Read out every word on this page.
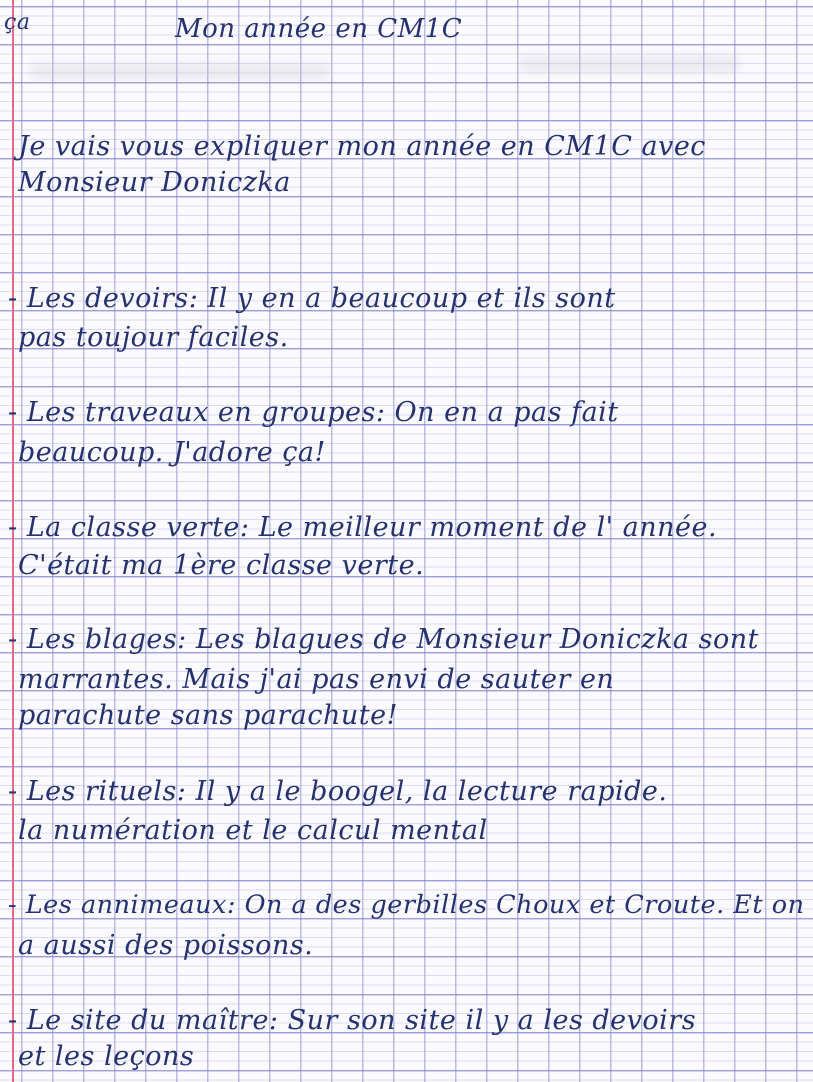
ça	Mon année en CM1C
Je vais vous expliquer mon année en CM1C avec
Monsieur Doniczka
- Les devoirs: Il y en a beaucoup et ils sont
pas toujour faciles.
- Les traveaux en groupes: On en a pas fait
beaucoup. J'adore ça!
- La classe verte: Le meilleur moment de l' année.
C'était ma 1ère classe verte.
- Les blages: Les blagues de Monsieur Doniczka sont
marrantes. Mais j'ai pas envi de sauter en
parachute sans parachute!
- Les rituels: Il y a le boogel, la lecture rapide.
la numération et le calcul mental
- Les annimeaux: On a des gerbilles Choux et Croute. Et on
a aussi des poissons.
- Le site du maître: Sur son site il y a les devoirs
et les leçons
